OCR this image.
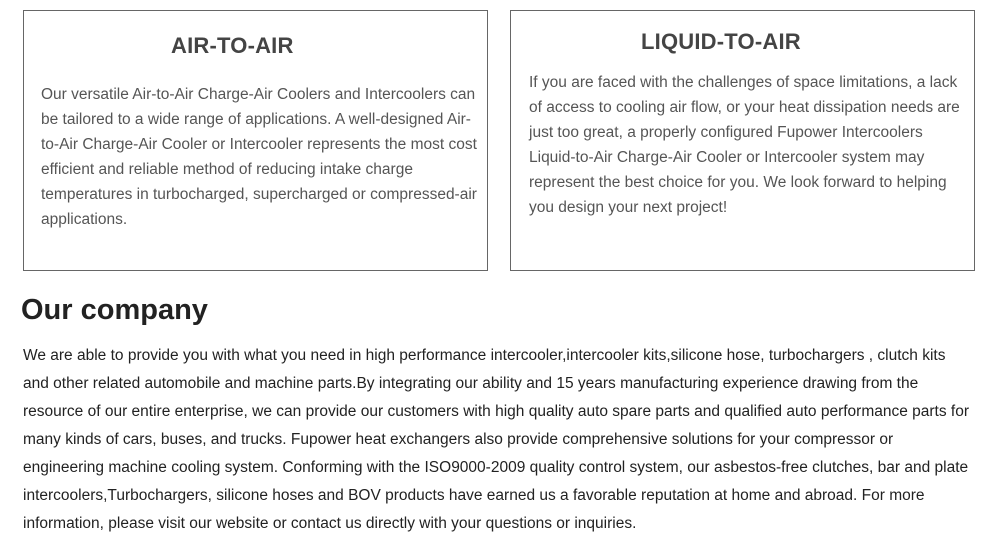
AIR-TO-AIR

Our versatile Air-to-Air Charge-Air Coolers and Intercoolers can be tailored to a wide range of applications. A well-designed Air-to-Air Charge-Air Cooler or Intercooler represents the most cost efficient and reliable method of reducing intake charge temperatures in turbocharged, supercharged or compressed-air applications.

LIQUID-TO-AIR

If you are faced with the challenges of space limitations, a lack of access to cooling air flow, or your heat dissipation needs are just too great, a properly configured Fupower Intercoolers Liquid-to-Air Charge-Air Cooler or Intercooler system may represent the best choice for you. We look forward to helping you design your next project!

Our company

We are able to provide you with what you need in high performance intercooler,intercooler kits,silicone hose, turbochargers , clutch kits and other related automobile and machine parts.By integrating our ability and 15 years manufacturing experience drawing from the resource of our entire enterprise, we can provide our customers with high quality auto spare parts and qualified auto performance parts for many kinds of cars, buses, and trucks. Fupower heat exchangers also provide comprehensive solutions for your compressor or engineering machine cooling system. Conforming with the ISO9000-2009 quality control system, our asbestos-free clutches, bar and plate intercoolers,Turbochargers, silicone hoses and BOV products have earned us a favorable reputation at home and abroad. For more information, please visit our website or contact us directly with your questions or inquiries.
